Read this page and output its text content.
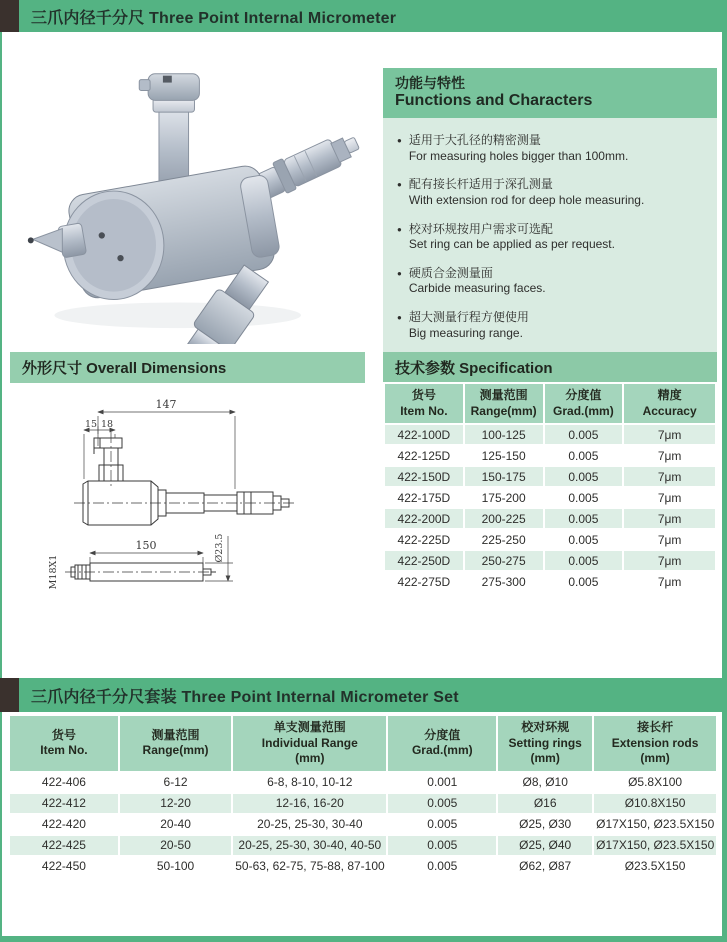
三爪内径千分尺 Three Point Internal Micrometer
功能与特性
Functions and Characters
● 适用于大孔径的精密测量
For measuring holes bigger than 100mm.
● 配有接长杆适用于深孔测量
With extension rod for deep hole measuring.
● 校对环规按用户需求可选配
Set ring can be applied as per request.
● 硬质合金测量面
Carbide measuring faces.
● 超大测量行程方便使用
Big measuring range.
外形尺寸 Overall Dimensions
147
15 18
150	Ø23.5
M18X1
技术参数 Specification
货号
Item No.

测量范围
Range(mm)

分度值
Grad.(mm)

精度
Accuracy

422-100D	100-125	0.005	7μm
422-125D	125-150	0.005	7μm
422-150D	150-175	0.005	7μm
422-175D	175-200	0.005	7μm
422-200D	200-225	0.005	7μm
422-225D	225-250	0.005	7μm
422-250D	250-275	0.005	7μm
422-275D	275-300	0.005	7μm
三爪内径千分尺套装 Three Point Internal Micrometer Set
货号
Item No.

测量范围
Range(mm)

单支测量范围
Individual Range
(mm)

分度值
Grad.(mm)

校对环规
Setting rings
(mm)

接长杆
Extension rods
(mm)

422-406	6-12	6-8, 8-10, 10-12	0.001	Ø8, Ø10	Ø5.8X100
422-412	12-20	12-16, 16-20	0.005	Ø16	Ø10.8X150
422-420	20-40	20-25, 25-30, 30-40	0.005	Ø25, Ø30	Ø17X150, Ø23.5X150
422-425	20-50	20-25, 25-30, 30-40, 40-50	0.005	Ø25, Ø40	Ø17X150, Ø23.5X150
422-450	50-100	50-63, 62-75, 75-88, 87-100	0.005	Ø62, Ø87	Ø23.5X150
